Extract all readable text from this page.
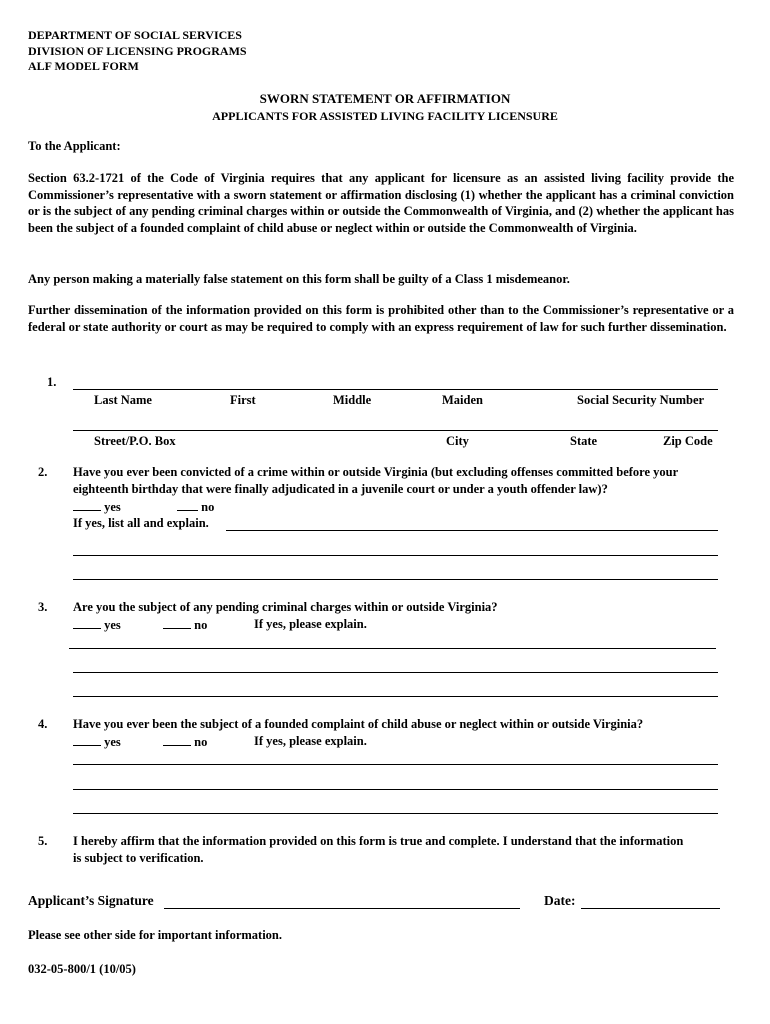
DEPARTMENT OF SOCIAL SERVICES
DIVISION OF LICENSING PROGRAMS
ALF MODEL FORM
SWORN STATEMENT OR AFFIRMATION
APPLICANTS FOR ASSISTED LIVING FACILITY LICENSURE
To the Applicant:
Section 63.2-1721 of the Code of Virginia requires that any applicant for licensure as an assisted living facility provide the Commissioner’s representative with a sworn statement or affirmation disclosing (1) whether the applicant has a criminal conviction or is the subject of any pending criminal charges within or outside the Commonwealth of Virginia, and (2) whether the applicant has been the subject of a founded complaint of child abuse or neglect within or outside the Commonwealth of Virginia.
Any person making a materially false statement on this form shall be guilty of a Class 1 misdemeanor.
Further dissemination of the information provided on this form is prohibited other than to the Commissioner’s representative or a federal or state authority or court as may be required to comply with an express requirement of law for such further dissemination.
1.
Last Name	First	Middle	Maiden	Social Security Number
Street/P.O. Box	City	State	Zip Code
2. Have you ever been convicted of a crime within or outside Virginia (but excluding offenses committed before your eighteenth birthday that were finally adjudicated in a juvenile court or under a youth offender law)?
yes	no
If yes, list all and explain.
3. Are you the subject of any pending criminal charges within or outside Virginia?
yes	no	If yes, please explain.
4. Have you ever been the subject of a founded complaint of child abuse or neglect within or outside Virginia?
yes	no	If yes, please explain.
5. I hereby affirm that the information provided on this form is true and complete. I understand that the information is subject to verification.
Applicant’s Signature	Date:
Please see other side for important information.
032-05-800/1 (10/05)
